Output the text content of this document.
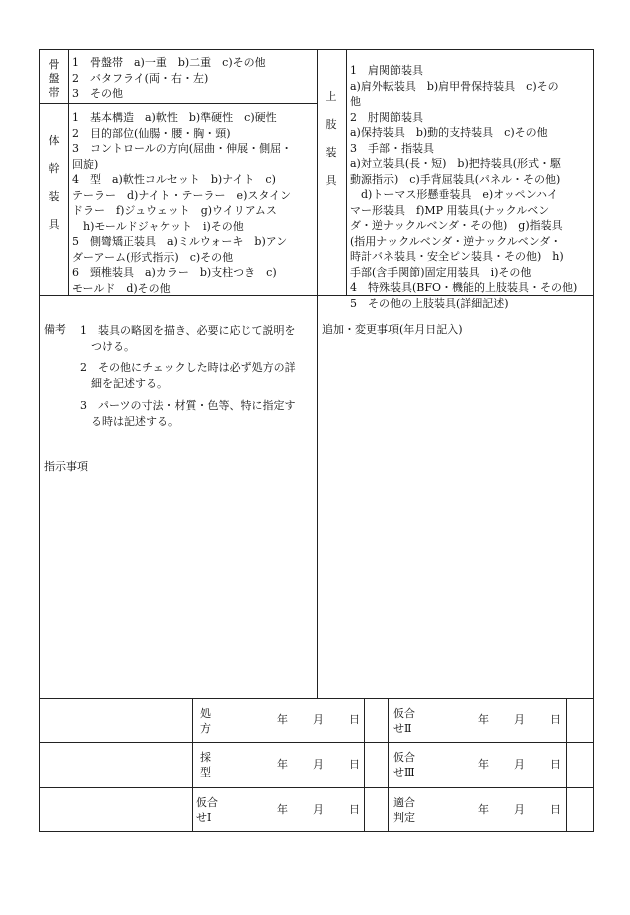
骨
盤
帯
1　骨盤帯　a)一重　b)二重　c)その他
2　バタフライ(両・右・左)
3　その他
体

幹

装

具
1　基本構造　a)軟性　b)準硬性　c)硬性
2　目的部位(仙腸・腰・胸・頸)
3　コントロールの方向(屈曲・伸展・側屈・
回旋)
4　型　a)軟性コルセット　b)ナイト　c)
テーラー　d)ナイト・テーラー　e)スタイン
ドラー　f)ジュウェット　g)ウイリアムス
　h)モールドジャケット　i)その他
5　側彎矯正装具　a)ミルウォーキ　b)アン
ダーアーム(形式指示)　c)その他
6　頸椎装具　a)カラー　b)支柱つき　c)
モールド　d)その他
上

肢

装

具
1　肩関節装具
a)肩外転装具　b)肩甲骨保持装具　c)その
他
2　肘関節装具
a)保持装具　b)動的支持装具　c)その他
3　手部・指装具
a)対立装具(長・短)　b)把持装具(形式・駆
動源指示)　c)手背屈装具(パネル・その他)
　d)トーマス形懸垂装具　e)オッペンハイ
マー形装具　f)MP 用装具(ナックルベン
ダ・逆ナックルベンダ・その他)　g)指装具
(指用ナックルベンダ・逆ナックルベンダ・
時計バネ装具・安全ピン装具・その他)　h)
手部(含手関節)固定用装具　i)その他
4　特殊装具(BFO・機能的上肢装具・その他)
5　その他の上肢装具(詳細記述)
備考 1　装具の略図を描き、必要に応じて説明を
　つける。
2　その他にチェックした時は必ず処方の詳
　細を記述する。
3　パーツの寸法・材質・色等、特に指定す
　る時は記述する。
指示事項
追加・変更事項(年月日記入)
処
方
採
型
仮合
せⅠ
仮合
せⅡ
仮合
せⅢ
適合
判定
年 月 日
年 月 日
年 月 日
年 月 日
年 月 日
年 月 日
